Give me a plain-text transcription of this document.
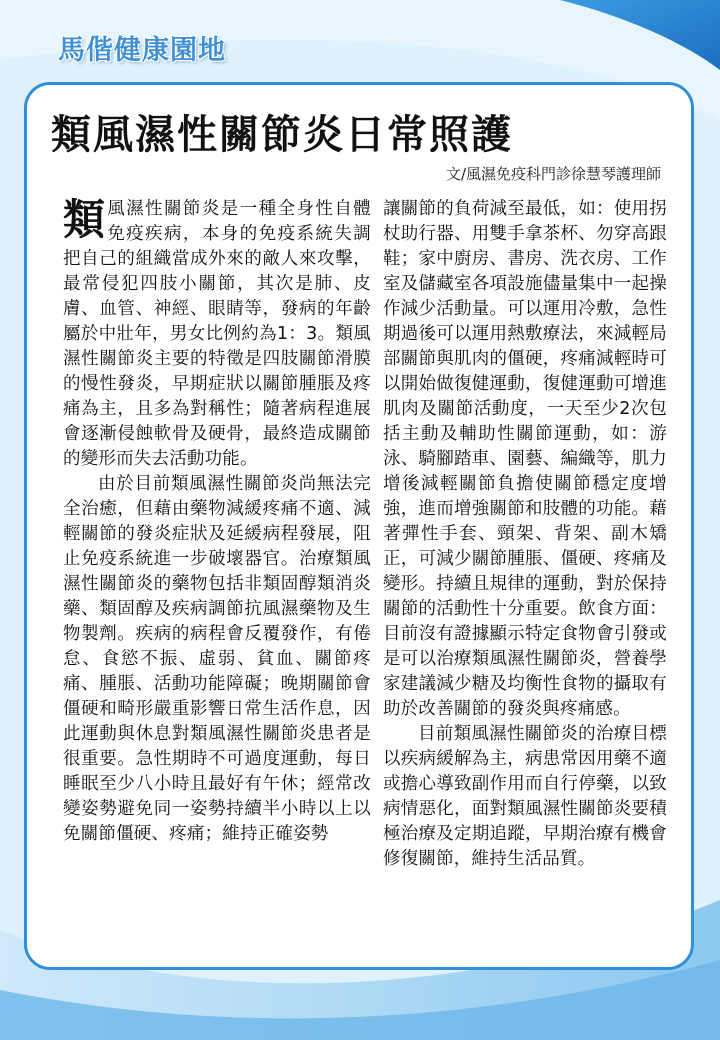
馬偕健康園地
類風濕性關節炎日常照護

文/風濕免疫科門診徐慧琴護理師

類風濕性關節炎是一種全身性自體免疫疾病，本身的免疫系統失調把自己的組織當成外來的敵人來攻擊，最常侵犯四肢小關節，其次是肺、皮膚、血管、神經、眼睛等，發病的年齡屬於中壯年，男女比例約為1：3。類風濕性關節炎主要的特徵是四肢關節滑膜的慢性發炎，早期症狀以關節腫脹及疼痛為主，且多為對稱性；隨著病程進展會逐漸侵蝕軟骨及硬骨，最終造成關節的變形而失去活動功能。

由於目前類風濕性關節炎尚無法完全治癒，但藉由藥物減緩疼痛不適、減輕關節的發炎症狀及延緩病程發展，阻止免疫系統進一步破壞器官。治療類風濕性關節炎的藥物包括非類固醇類消炎藥、類固醇及疾病調節抗風濕藥物及生物製劑。疾病的病程會反覆發作，有倦怠、食慾不振、虛弱、貧血、關節疼痛、腫脹、活動功能障礙；晚期關節會僵硬和畸形嚴重影響日常生活作息，因此運動與休息對類風濕性關節炎患者是很重要。急性期時不可過度運動，每日睡眠至少八小時且最好有午休；經常改變姿勢避免同一姿勢持續半小時以上以免關節僵硬、疼痛；維持正確姿勢

讓關節的負荷減至最低，如：使用拐杖助行器、用雙手拿茶杯、勿穿高跟鞋；家中廚房、書房、洗衣房、工作室及儲藏室各項設施儘量集中一起操作減少活動量。可以運用冷敷，急性期過後可以運用熱敷療法，來減輕局部關節與肌肉的僵硬，疼痛減輕時可以開始做復健運動，復健運動可增進肌肉及關節活動度，一天至少2次包括主動及輔助性關節運動，如：游泳、騎腳踏車、園藝、編織等，肌力增後減輕關節負擔使關節穩定度增強，進而增強關節和肢體的功能。藉著彈性手套、頸架、背架、副木矯正，可減少關節腫脹、僵硬、疼痛及變形。持續且規律的運動，對於保持關節的活動性十分重要。飲食方面：目前沒有證據顯示特定食物會引發或是可以治療類風濕性關節炎，營養學家建議減少糖及均衡性食物的攝取有助於改善關節的發炎與疼痛感。

目前類風濕性關節炎的治療目標以疾病緩解為主，病患常因用藥不適或擔心導致副作用而自行停藥，以致病情惡化，面對類風濕性關節炎要積極治療及定期追蹤，早期治療有機會修復關節，維持生活品質。
